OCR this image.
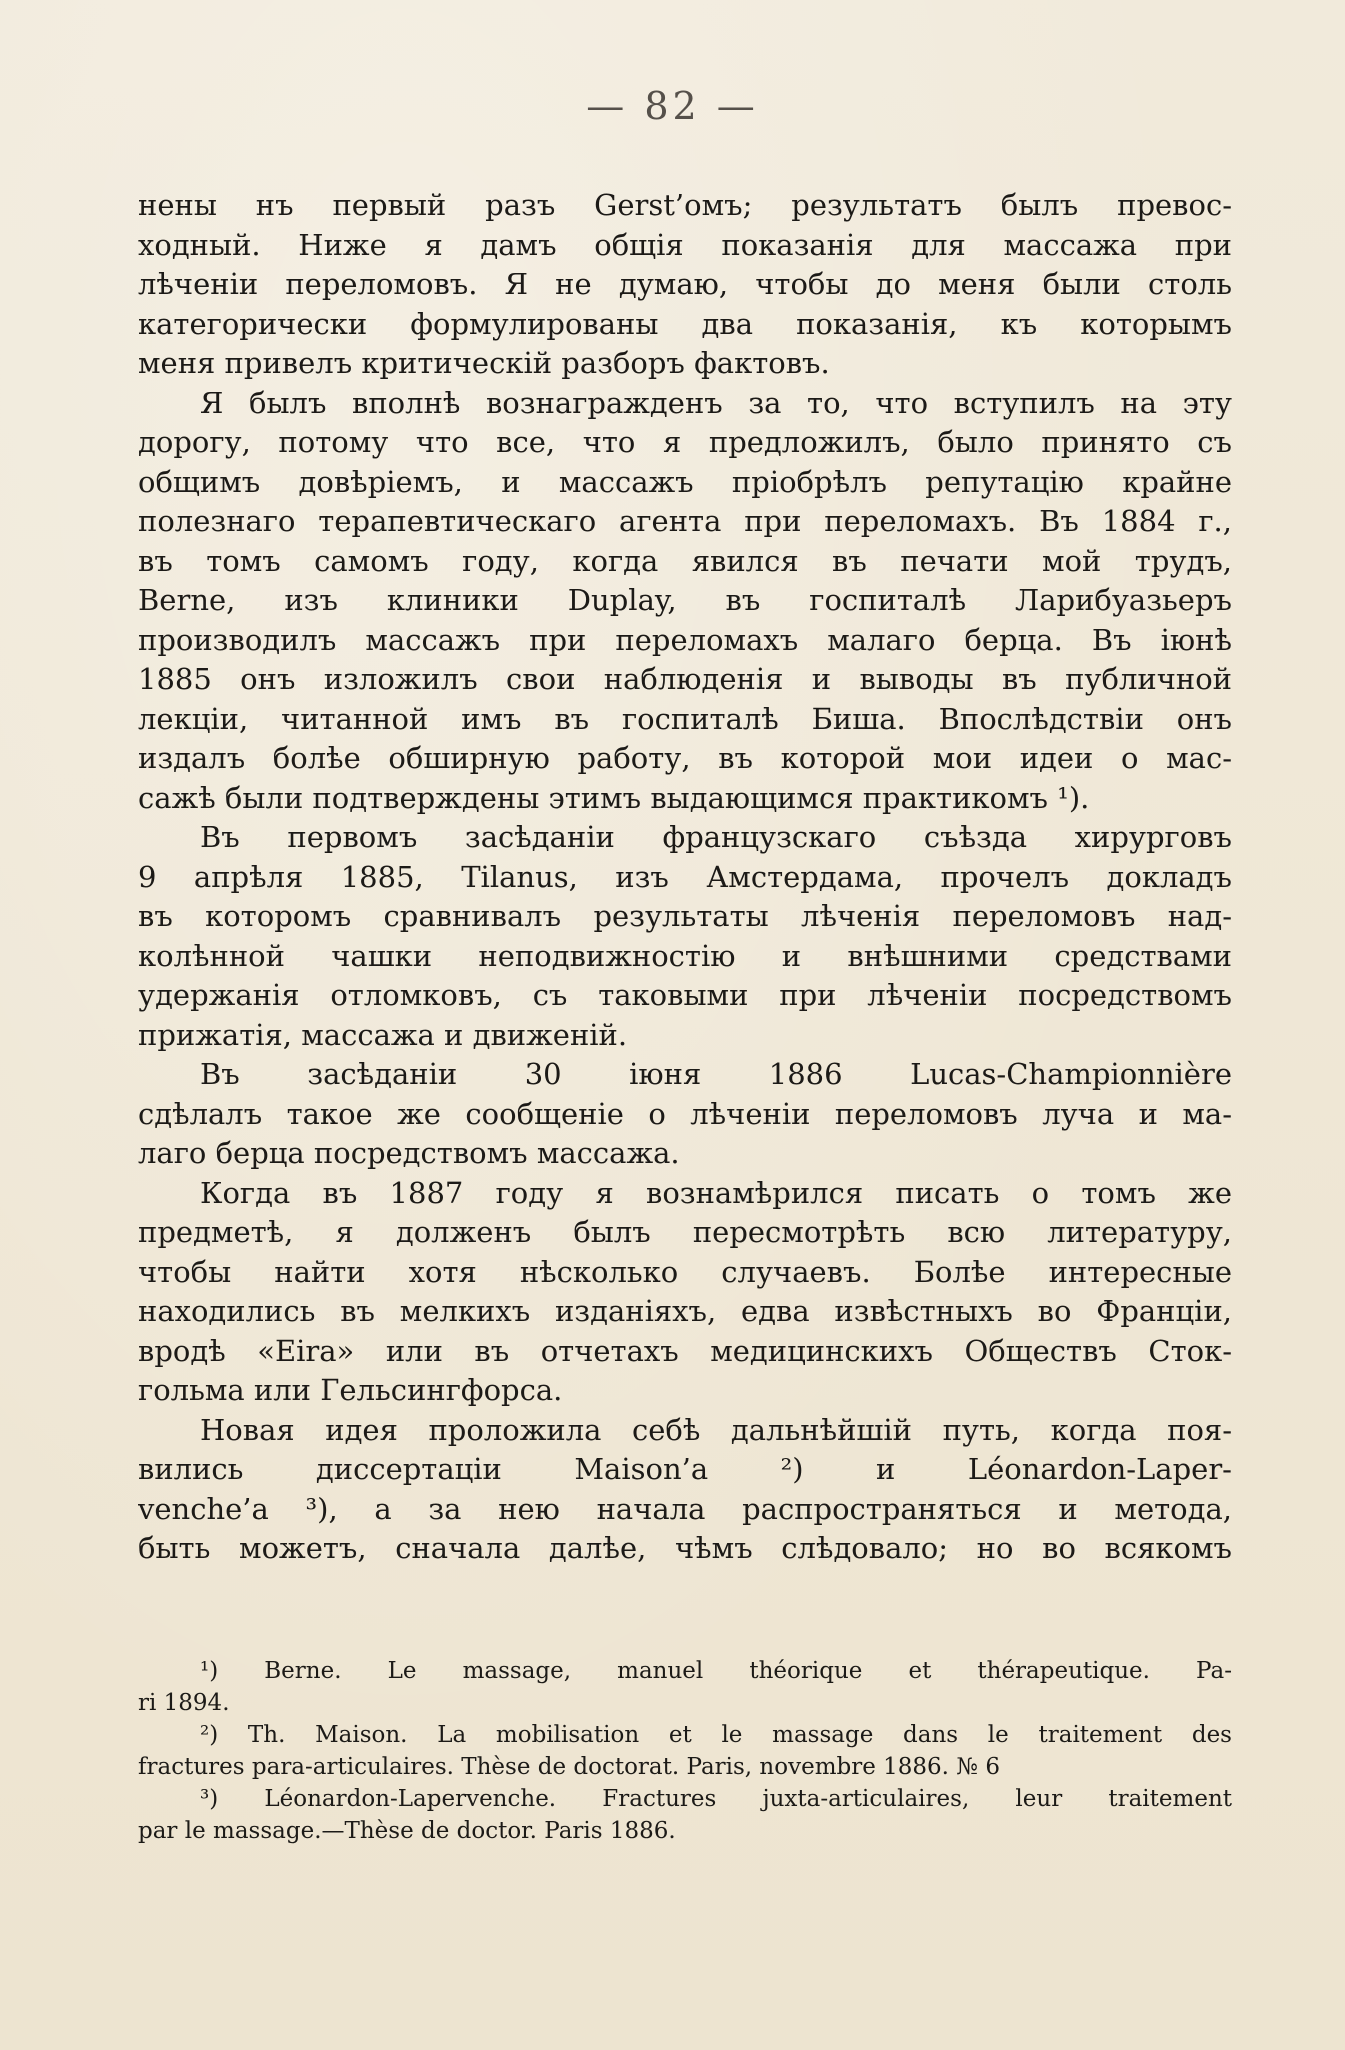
— 82 —
нены нъ первый разъ Gerst’омъ; результатъ былъ превос-
ходный. Ниже я дамъ общія показанія для массажа при
лѣченіи переломовъ. Я не думаю, чтобы до меня были столь
категорически формулированы два показанія, къ которымъ
меня привелъ критическій разборъ фактовъ.
Я былъ вполнѣ вознагражденъ за то, что вступилъ на эту
дорогу, потому что все, что я предложилъ, было принято съ
общимъ довѣріемъ, и массажъ пріобрѣлъ репутацію крайне
полезнаго терапевтическаго агента при переломахъ. Въ 1884 г.,
въ томъ самомъ году, когда явился въ печати мой трудъ,
Berne, изъ клиники Duplay, въ госпиталѣ Ларибуазьеръ
производилъ массажъ при переломахъ малаго берца. Въ іюнѣ
1885 онъ изложилъ свои наблюденія и выводы въ публичной
лекціи, читанной имъ въ госпиталѣ Биша. Впослѣдствіи онъ
издалъ болѣе обширную работу, въ которой мои идеи о мас-
сажѣ были подтверждены этимъ выдающимся практикомъ ¹).
Въ первомъ засѣданіи французскаго съѣзда хирурговъ
9 апрѣля 1885, Tilanus, изъ Амстердама, прочелъ докладъ
въ которомъ сравнивалъ результаты лѣченія переломовъ над-
колѣнной чашки неподвижностію и внѣшними средствами
удержанія отломковъ, съ таковыми при лѣченіи посредствомъ
прижатія, массажа и движеній.
Въ засѣданіи 30 іюня 1886 Lucas-Championnière
сдѣлалъ такое же сообщеніе о лѣченіи переломовъ луча и ма-
лаго берца посредствомъ массажа.
Когда въ 1887 году я вознамѣрился писать о томъ же
предметѣ, я долженъ былъ пересмотрѣть всю литературу,
чтобы найти хотя нѣсколько случаевъ. Болѣе интересные
находились въ мелкихъ изданіяхъ, едва извѣстныхъ во Франціи,
вродѣ «Eira» или въ отчетахъ медицинскихъ Обществъ Сток-
гольма или Гельсингфорса.
Новая идея проложила себѣ дальнѣйшій путь, когда поя-
вились диссертаціи Maison’a ²) и Léonardon-Laper-
venche’a ³), а за нею начала распространяться и метода,
быть можетъ, сначала далѣе, чѣмъ слѣдовало; но во всякомъ
¹) Berne. Le massage, manuel théorique et thérapeutique. Pa-
ri 1894.
²) Th. Maison. La mobilisation et le massage dans le traitement des
fractures para-articulaires. Thèse de doctorat. Paris, novembre 1886. № 6
³) Léonardon-Lapervenche. Fractures juxta-articulaires, leur traitement
par le massage.—Thèse de doctor. Paris 1886.
